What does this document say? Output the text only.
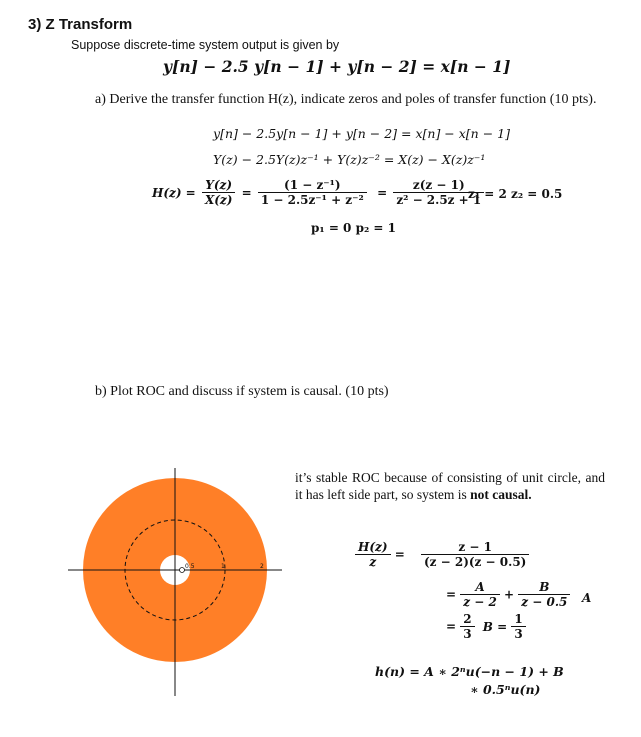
3) Z Transform
Suppose discrete-time system output is given by
y[n] − 2.5 y[n − 1] + y[n − 2] = x[n − 1]
a) Derive the transfer function H(z), indicate zeros and poles of transfer function (10 pts).
y[n] − 2.5y[n − 1] + y[n − 2] = x[n] − x[n − 1]
Y(z) − 2.5Y(z)z⁻¹ + Y(z)z⁻² = X(z) − X(z)z⁻¹
$H(z) = \frac{Y(z)}{X(z)} = \frac{\text{(1 − z⁻¹)}}{\text{1 − 2.5z⁻¹ + z⁻²}} = \frac{z(z - 1)}{\text{z² − 2.5z + 1}}$
z₁ = 2 z₂ = 0.5
p₁ = 0 p₂ = 1
b) Plot ROC and discuss if system is causal. (10 pts)
0.5	1	2
it’s stable ROC because of consisting of unit circle, and it has left side part, so system is not causal.
$\frac{H(z)}{z} = \frac{z - 1}{(z - 2)(z - 0.5)}$
= $\frac{A}{z - 2} + \frac{B}{z - 0.5}$ A
= $\frac{2}{3}$ $B = \frac{1}{3}$
h(n) = A ∗ 2ⁿu(−n − 1) + B
∗ 0.5ⁿu(n)
